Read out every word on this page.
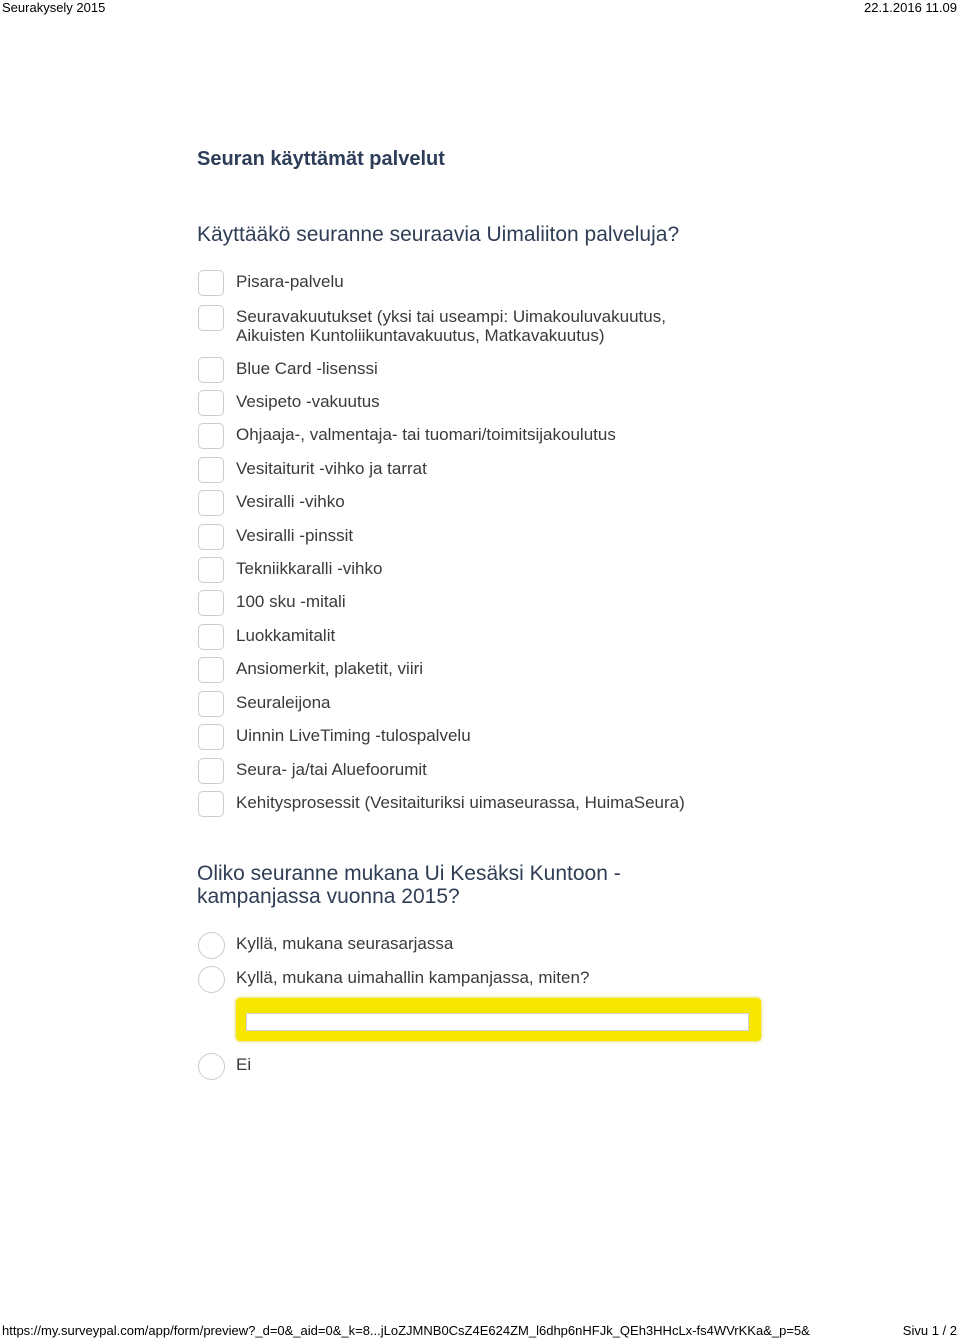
Seurakysely 2015	22.1.2016 11.09
Seuran käyttämät palvelut

Käyttääkö seuranne seuraavia Uimaliiton palveluja?

Pisara-palvelu
Seuravakuutukset (yksi tai useampi: Uimakouluvakuutus,
Aikuisten Kuntoliikuntavakuutus, Matkavakuutus)
Blue Card -lisenssi
Vesipeto -vakuutus
Ohjaaja-, valmentaja- tai tuomari/toimitsijakoulutus
Vesitaiturit -vihko ja tarrat
Vesiralli -vihko
Vesiralli -pinssit
Tekniikkaralli -vihko
100 sku -mitali
Luokkamitalit
Ansiomerkit, plaketit, viiri
Seuraleijona
Uinnin LiveTiming -tulospalvelu
Seura- ja/tai Aluefoorumit
Kehitysprosessit (Vesitaituriksi uimaseurassa, HuimaSeura)

Oliko seuranne mukana Ui Kesäksi Kuntoon - kampanjassa vuonna 2015?

Kyllä, mukana seurasarjassa
Kyllä, mukana uimahallin kampanjassa, miten?
Ei
https://my.surveypal.com/app/form/preview?_d=0&_aid=0&_k=8...jLoZJMNB0CsZ4E624ZM_l6dhp6nHFJk_QEh3HHcLx-fs4WVrKKa&_p=5&	Sivu 1 / 2
